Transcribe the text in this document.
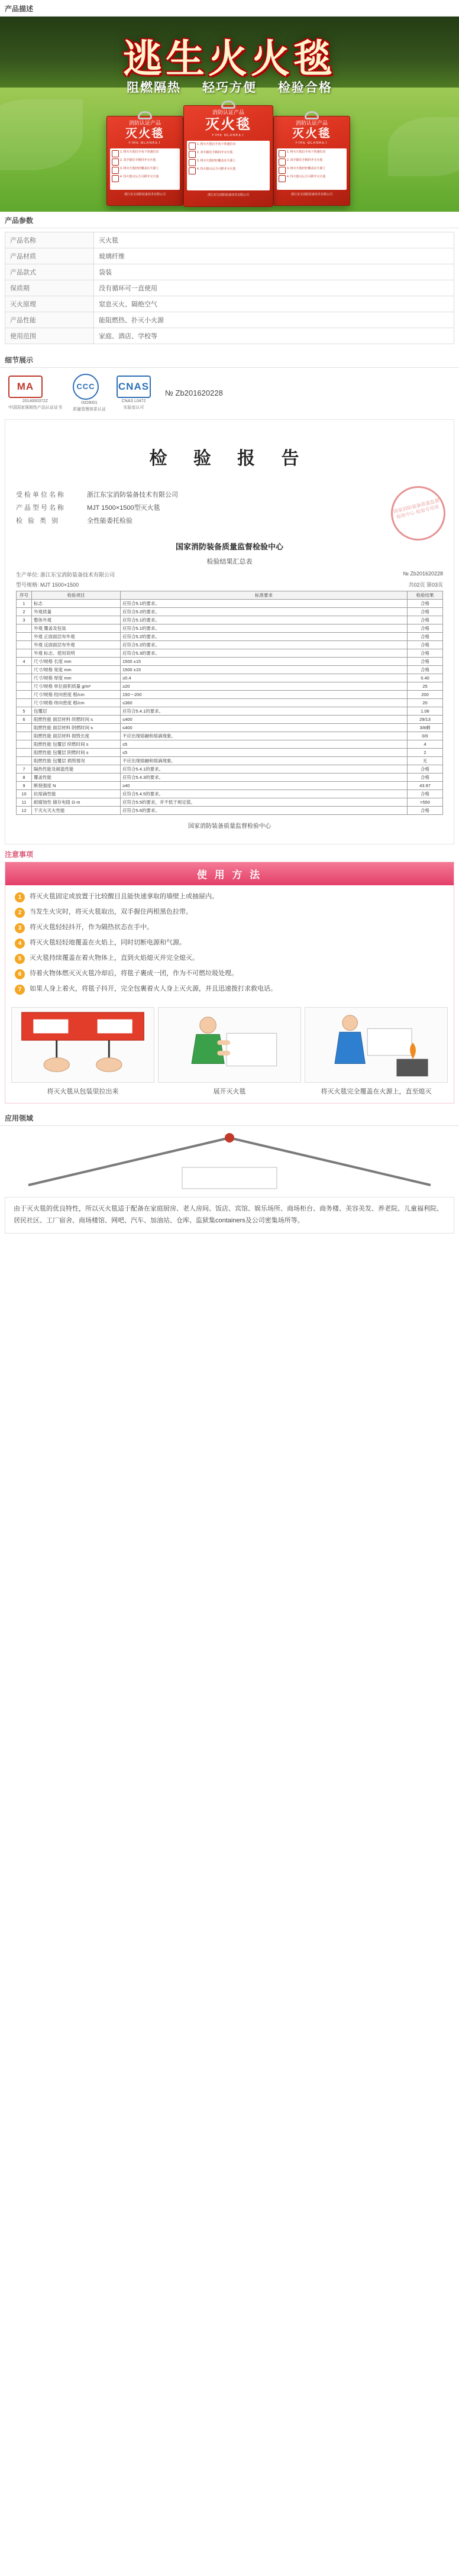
产品描述
逃生火火毯
阻燃隔热 轻巧方便 检验合格
消防认证产品
灭火毯
FIRE BLANKET
1. 将灭火毯拉手向下快速拉出
2. 双手握住手柄抖开灭火毯
3. 将灭火毯轻轻覆盖在火源上
4. 待火熄灭后方可移开灭火毯
浙江东宝消防装备技术有限公司
消防认证产品
灭火毯
FIRE BLANKET
1. 将灭火毯拉手向下快速拉出
2. 双手握住手柄抖开灭火毯
3. 将灭火毯轻轻覆盖在火源上
4. 待火熄灭后方可移开灭火毯
浙江东宝消防装备技术有限公司
消防认证产品
灭火毯
FIRE BLANKET
1. 将灭火毯拉手向下快速拉出
2. 双手握住手柄抖开灭火毯
3. 将灭火毯轻轻覆盖在火源上
4. 待火熄灭后方可移开灭火毯
浙江东宝消防装备技术有限公司
产品参数
产品名称	灭火毯
产品材质	玻璃纤维
产品款式	袋装
保质期	没有循环可一直使用
灭火原理	窒息灭火、隔绝空气
产品性能	能阻燃热、扑灭小火源
使用范围	家庭、酒店、学校等
细节展示
MA
2014000372Z
中国国家强制性产品认证证书
CCC
ISO9001
质量管理体系认证
CNAS
CNAS L0472
实验室认可
№ Zb201620228
检 验 报 告
国家消防装备质量监督检验中心 检验专用章
受检单位名称	浙江东宝消防装备技术有限公司
产品型号名称	MJT 1500×1500型灭火毯
检 验 类 别	全性能委托检验
国家消防装备质量监督检验中心
检验结果汇总表
生产单位: 浙江东宝消防装备技术有限公司	№ Zb201620228
型号规格: MJT 1500×1500	共02页 第03页
序号	检验项目	标准要求	检验结果
1	标志	应符合5.1的要求。	合格
2	外观质量	应符合5.2的要求。	合格
3	整体外观	应符合5.1的要求。	合格
	外观 覆盖及包装	应符合5.1的要求。	合格
	外观 正面面层布外观	应符合5.2的要求。	合格
	外观 反面面层布外观	应符合5.2的要求。	合格
	外观 标志、使用说明	应符合5.3的要求。	合格
4	尺寸/规格 长度 mm	1500 ±15	合格
	尺寸/规格 宽度 mm	1500 ±15	合格
	尺寸/规格 厚度 mm	≥0.4	0.40
	尺寸/规格 单位面积质量 g/m²	≥20	25
	尺寸/规格 经向密度 根/cm	150～200	200
	尺寸/规格 纬向密度 根/cm	≤360	20
5	包覆层	应符合5.4.1的要求。	1.06
6	阻燃性能 面层材料 续燃时间 s	≤400	29/13
	阻燃性能 面层材料 阴燃时间 s	≤400	3/8剩
	阻燃性能 面层材料 损毁长度	不应出现熔融和熔滴现象。	0/0
	阻燃性能 包覆层 续燃时间 s	≤5	4
	阻燃性能 包覆层 阴燃时间 s	≤5	2
	阻燃性能 包覆层 损毁情况	不应出现熔融和熔滴现象。	无
7	隔热性能及耐温性能	应符合5.4.1的要求。	合格
8	覆盖性能	应符合5.4.3的要求。	合格
9	断裂强度 N	≥40	43.97
10	抗熔滴性能	应符合5.4.5的要求。	合格
11	耐腐蚀性 储存电阻 Ω·m	应符合5.5的要求，并不低于规定值。	>550
12	干灭火灭火性能	应符合5.6的要求。	合格
国家消防装备质量监督检验中心
注意事项
使 用 方 法
1	将灭火毯固定或放置于比较醒目且能快速拿取的墙壁上或抽屉内。
2	当发生火灾时，将灭火毯取出，双手握住两根黑色拉带。
3	将灭火毯轻轻抖开，作为隔热状态在手中。
4	将灭火毯轻轻地覆盖在火焰上，同时切断电源和气源。
5	灭火毯持续覆盖在着火物体上，直到火焰熄灭并完全熄灭。
6	待着火物体燃灭灭火毯冷却后，将毯子裹成一团，作为不可燃垃圾处理。
7	如果人身上着火，将毯子抖开，完全包裹着火人身上灭火源，并且迅速拨打求救电话。
将灭火毯从包装里拉出来	展开灭火毯	将灭火毯完全覆盖在火源上，直至熄灭
应用领域
由于灭火毯的优良特性，所以灭火毯适于配备在家庭厨房、老人房间、饭店、宾馆、娱乐场所、商场柜台、商务楼、美容美发、养老院、儿童福利院、居民社区、工厂宿舍、商场楼馆、网吧、汽车、加油站、仓库、监狱集containers及公司密集场所等。
